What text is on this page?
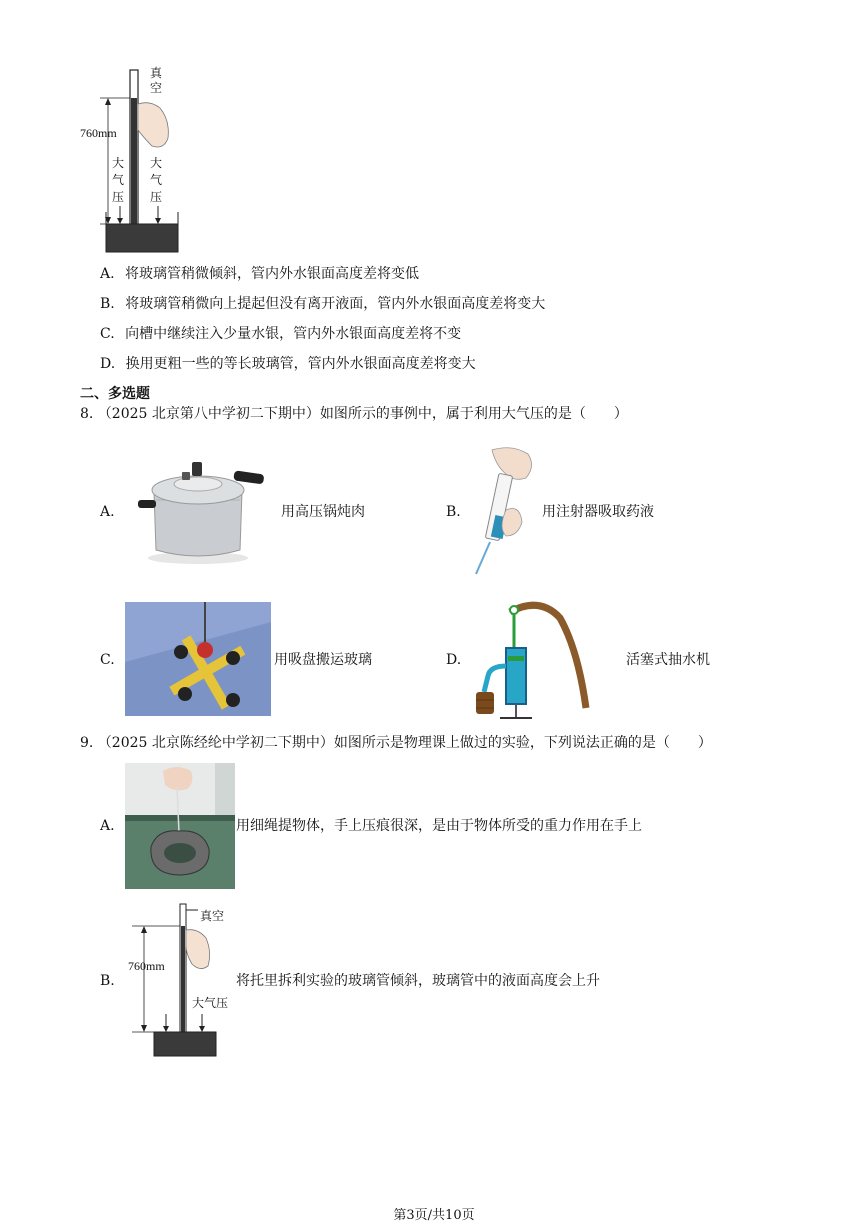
真空
760mm
大气压
大气压
A. 将玻璃管稍微倾斜，管内外水银面高度差将变低
B. 将玻璃管稍微向上提起但没有离开液面，管内外水银面高度差将变大
C. 向槽中继续注入少量水银，管内外水银面高度差将不变
D. 换用更粗一些的等长玻璃管，管内外水银面高度差将变大
二、多选题
8. （2025 北京第八中学初二下期中）如图所示的事例中，属于利用大气压的是（　　）
A.	用高压锅炖肉	B.	用注射器吸取药液
C.	用吸盘搬运玻璃	D.	活塞式抽水机
9. （2025 北京陈经纶中学初二下期中）如图所示是物理课上做过的实验，下列说法正确的是（　　）
A.	用细绳提物体，手上压痕很深，是由于物体所受的重力作用在手上
B.
真空
760mm
大气压
将托里拆利实验的玻璃管倾斜，玻璃管中的液面高度会上升
第3页/共10页
